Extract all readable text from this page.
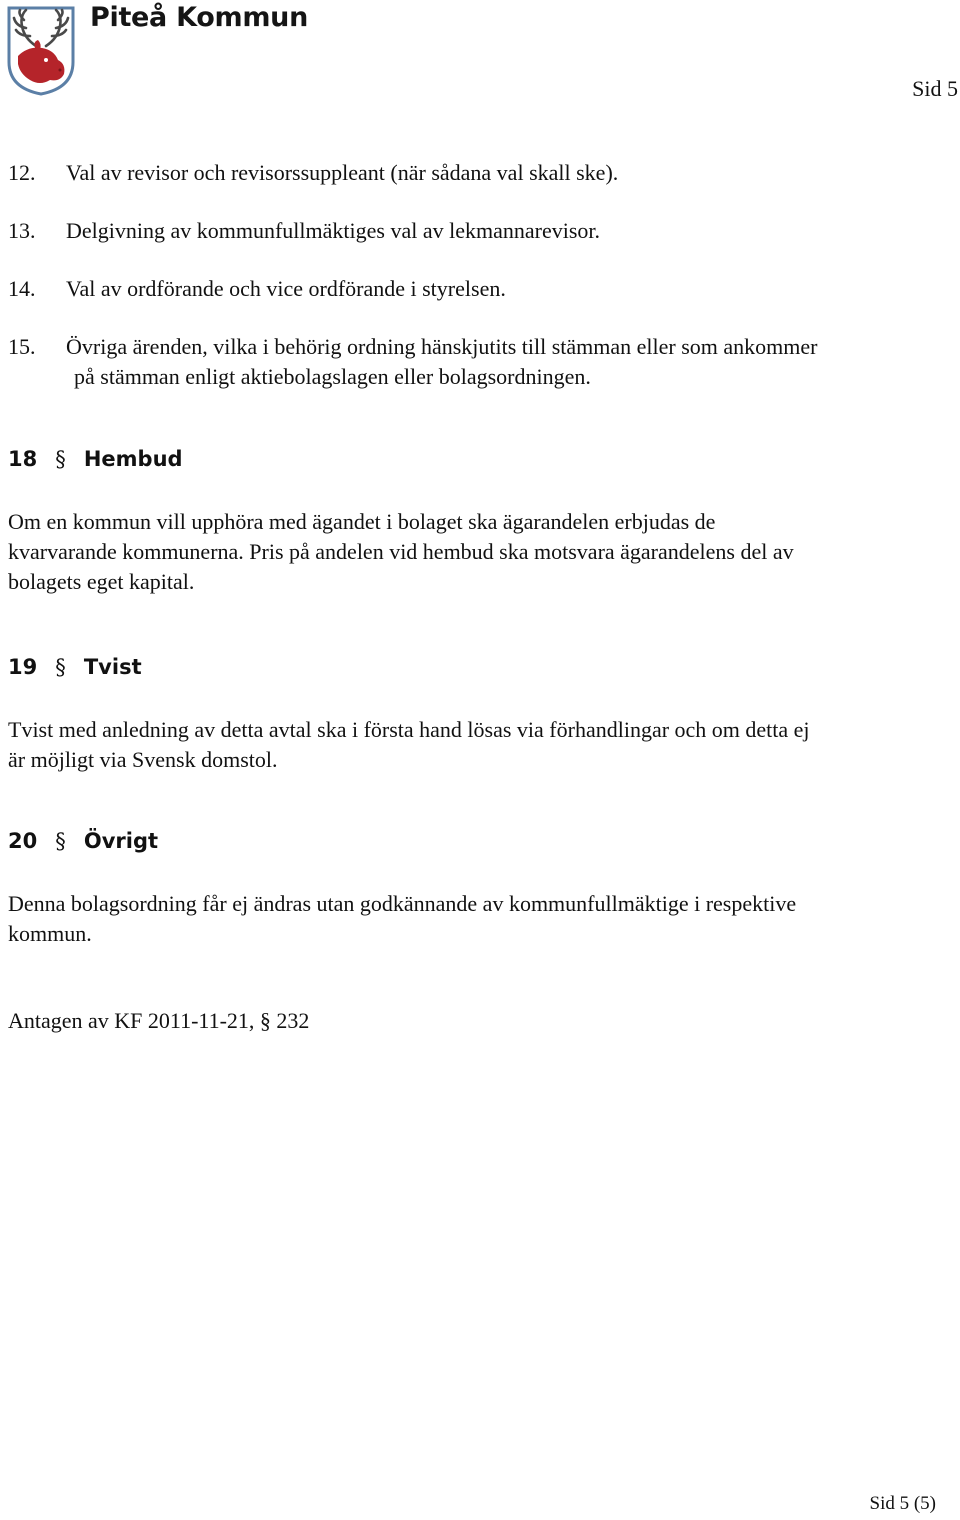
Piteå Kommun
Sid 5
12.	Val av revisor och revisorssuppleant (när sådana val skall ske).
13.	Delgivning av kommunfullmäktiges val av lekmannarevisor.
14.	Val av ordförande och vice ordförande i styrelsen.
15.	Övriga ärenden, vilka i behörig ordning hänskjutits till stämman eller som ankommer
på stämman enligt aktiebolagslagen eller bolagsordningen.
18 § Hembud
Om en kommun vill upphöra med ägandet i bolaget ska ägarandelen erbjudas de
kvarvarande kommunerna. Pris på andelen vid hembud ska motsvara ägarandelens del av
bolagets eget kapital.
19 § Tvist
Tvist med anledning av detta avtal ska i första hand lösas via förhandlingar och om detta ej
är möjligt via Svensk domstol.
20 § Övrigt
Denna bolagsordning får ej ändras utan godkännande av kommunfullmäktige i respektive
kommun.
Antagen av KF 2011-11-21, § 232
Sid 5 (5)
